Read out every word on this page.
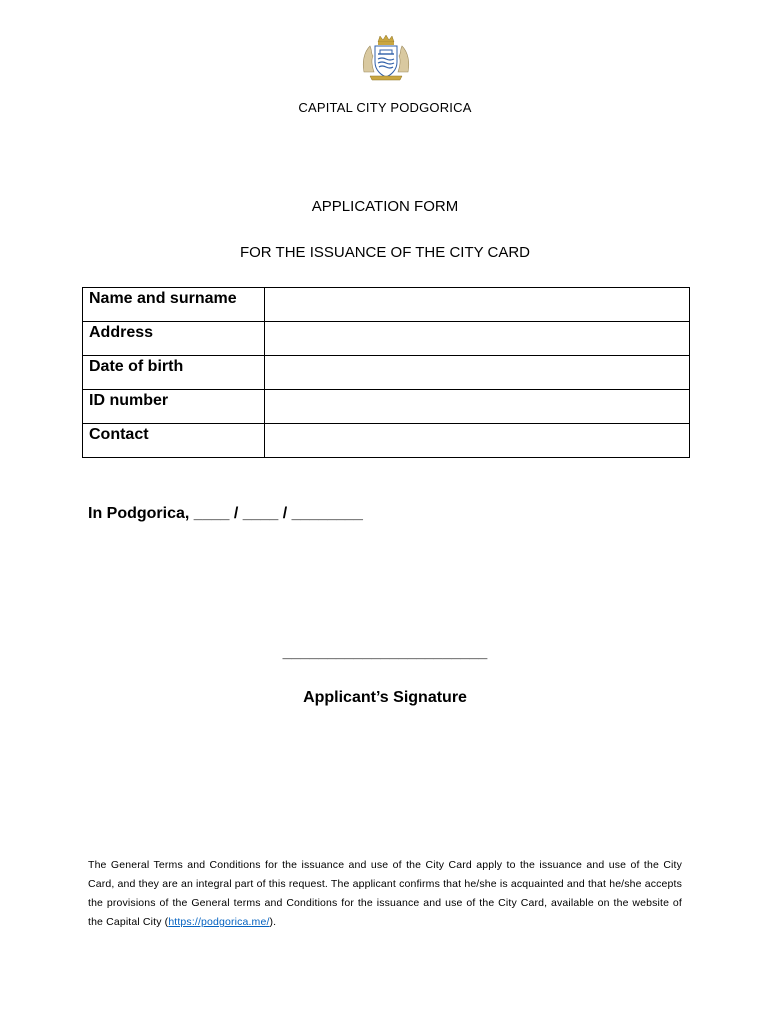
CAPITAL CITY PODGORICA
APPLICATION FORM
FOR THE ISSUANCE OF THE CITY CARD
Name and surname	
Address	
Date of birth	
ID number	
Contact	
In Podgorica, ____ / ____ / ________
_______________________
Applicant’s Signature
The General Terms and Conditions for the issuance and use of the City Card apply to the issuance and use of the City Card, and they are an integral part of this request. The applicant confirms that he/she is acquainted and that he/she accepts the provisions of the General terms and Conditions for the issuance and use of the City Card, available on the website of the Capital City (https://podgorica.me/).
